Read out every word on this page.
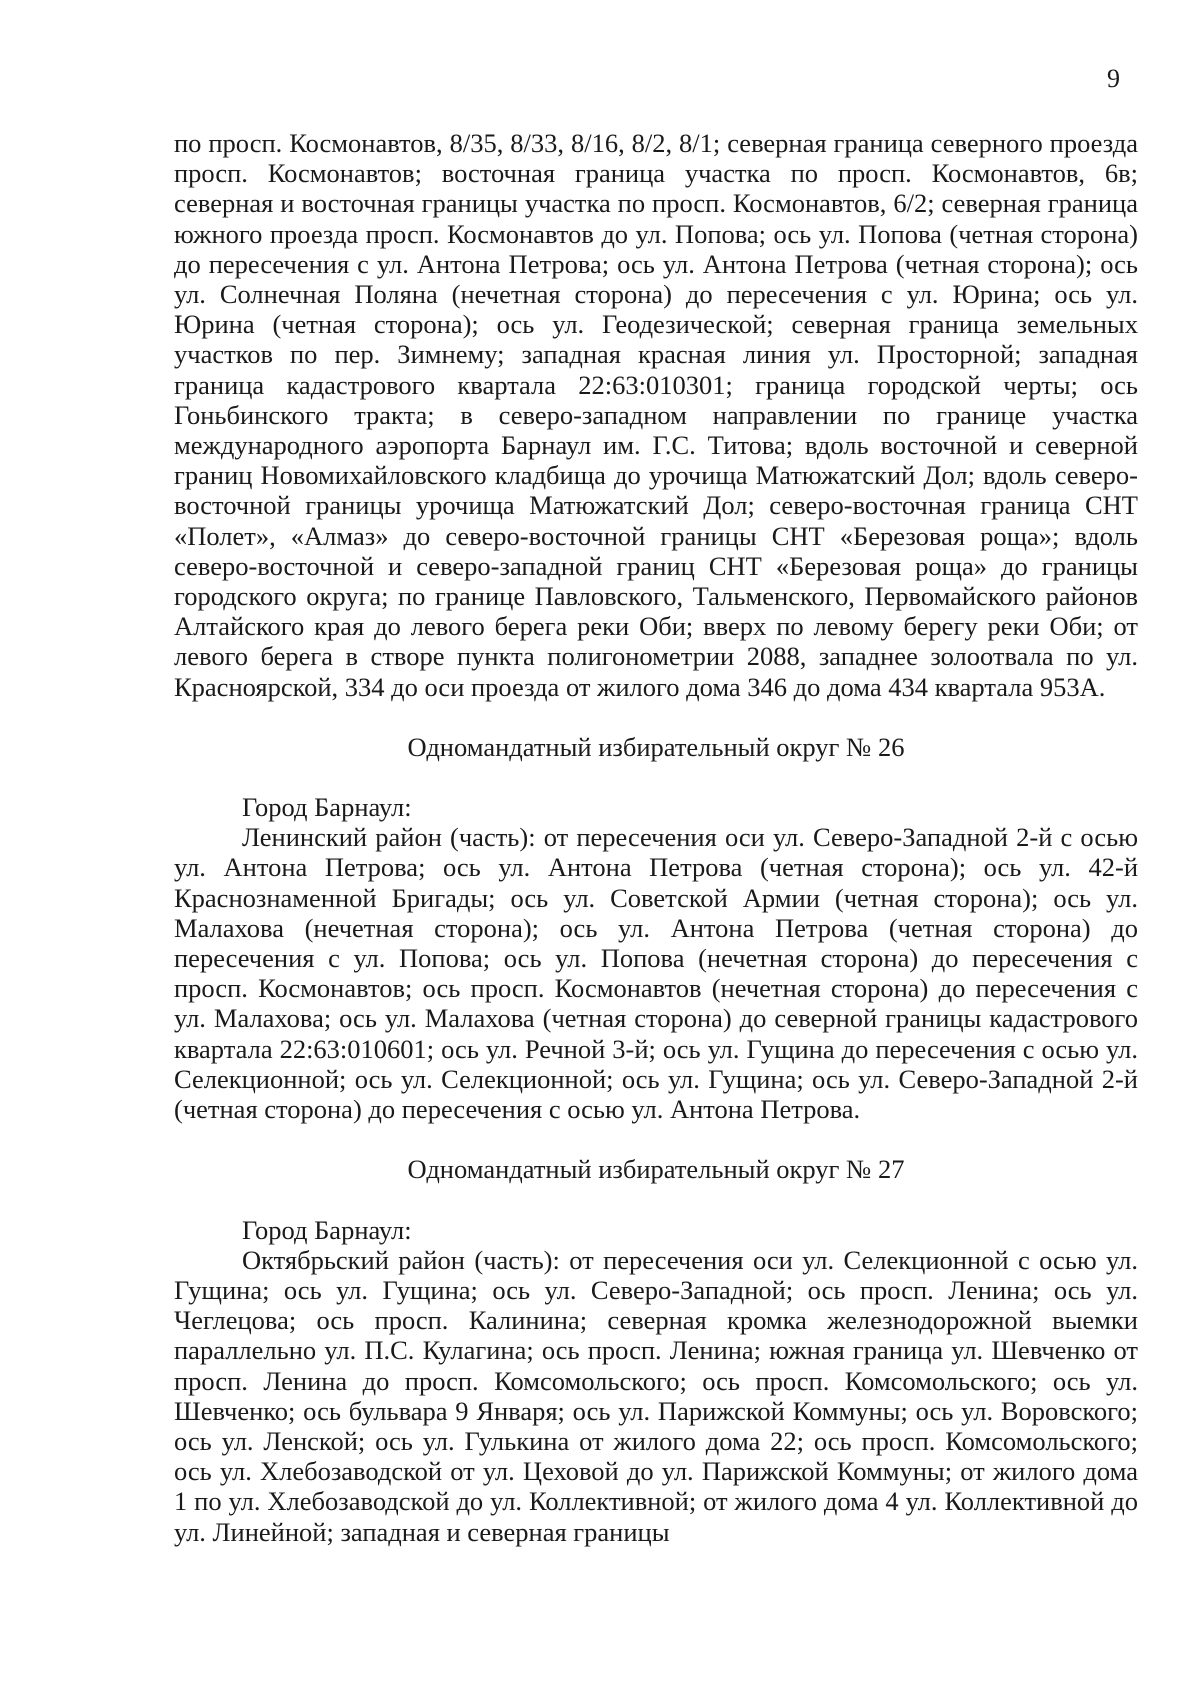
9

по просп. Космонавтов, 8/35, 8/33, 8/16, 8/2, 8/1; северная граница северного проезда просп. Космонавтов; восточная граница участка по просп. Космонавтов, 6в; северная и восточная границы участка по просп. Космонавтов, 6/2; северная граница южного проезда просп. Космонавтов до ул. Попова; ось ул. Попова (четная сторона) до пересечения с ул. Антона Петрова; ось ул. Антона Петрова (четная сторона); ось ул. Солнечная Поляна (нечетная сторона) до пересечения с ул. Юрина; ось ул. Юрина (четная сторона); ось ул. Геодезической; северная граница земельных участков по пер. Зимнему; западная красная линия ул. Просторной; западная граница кадастрового квартала 22:63:010301; граница городской черты; ось Гоньбинского тракта; в северо-западном направлении по границе участка международного аэропорта Барнаул им. Г.С. Титова; вдоль восточной и северной границ Новомихайловского кладбища до урочища Матюжатский Дол; вдоль северо-восточной границы урочища Матюжатский Дол; северо-восточная граница СНТ «Полет», «Алмаз» до северо-восточной границы СНТ «Березовая роща»; вдоль северо-восточной и северо-западной границ СНТ «Березовая роща» до границы городского округа; по границе Павловского, Тальменского, Первомайского районов Алтайского края до левого берега реки Оби; вверх по левому берегу реки Оби; от левого берега в створе пункта полигонометрии 2088, западнее золоотвала по ул. Красноярской, 334 до оси проезда от жилого дома 346 до дома 434 квартала 953А.

Одномандатный избирательный округ № 26

Город Барнаул:

Ленинский район (часть): от пересечения оси ул. Северо-Западной 2-й с осью ул. Антона Петрова; ось ул. Антона Петрова (четная сторона); ось ул. 42-й Краснознаменной Бригады; ось ул. Советской Армии (четная сторона); ось ул. Малахова (нечетная сторона); ось ул. Антона Петрова (четная сторона) до пересечения с ул. Попова; ось ул. Попова (нечетная сторона) до пересечения с просп. Космонавтов; ось просп. Космонавтов (нечетная сторона) до пересечения с ул. Малахова; ось ул. Малахова (четная сторона) до северной границы кадастрового квартала 22:63:010601; ось ул. Речной 3-й; ось ул. Гущина до пересечения с осью ул. Селекционной; ось ул. Селекционной; ось ул. Гущина; ось ул. Северо-Западной 2-й (четная сторона) до пересечения с осью ул. Антона Петрова.

Одномандатный избирательный округ № 27

Город Барнаул:

Октябрьский район (часть): от пересечения оси ул. Селекционной с осью ул. Гущина; ось ул. Гущина; ось ул. Северо-Западной; ось просп. Ленина; ось ул. Чеглецова; ось просп. Калинина; северная кромка железнодорожной выемки параллельно ул. П.С. Кулагина; ось просп. Ленина; южная граница ул. Шевченко от просп. Ленина до просп. Комсомольского; ось просп. Комсомольского; ось ул. Шевченко; ось бульвара 9 Января; ось ул. Парижской Коммуны; ось ул. Воровского; ось ул. Ленской; ось ул. Гулькина от жилого дома 22; ось просп. Комсомольского; ось ул. Хлебозаводской от ул. Цеховой до ул. Парижской Коммуны; от жилого дома 1 по ул. Хлебозаводской до ул. Коллективной; от жилого дома 4 ул. Коллективной до ул. Линейной; западная и северная границы
